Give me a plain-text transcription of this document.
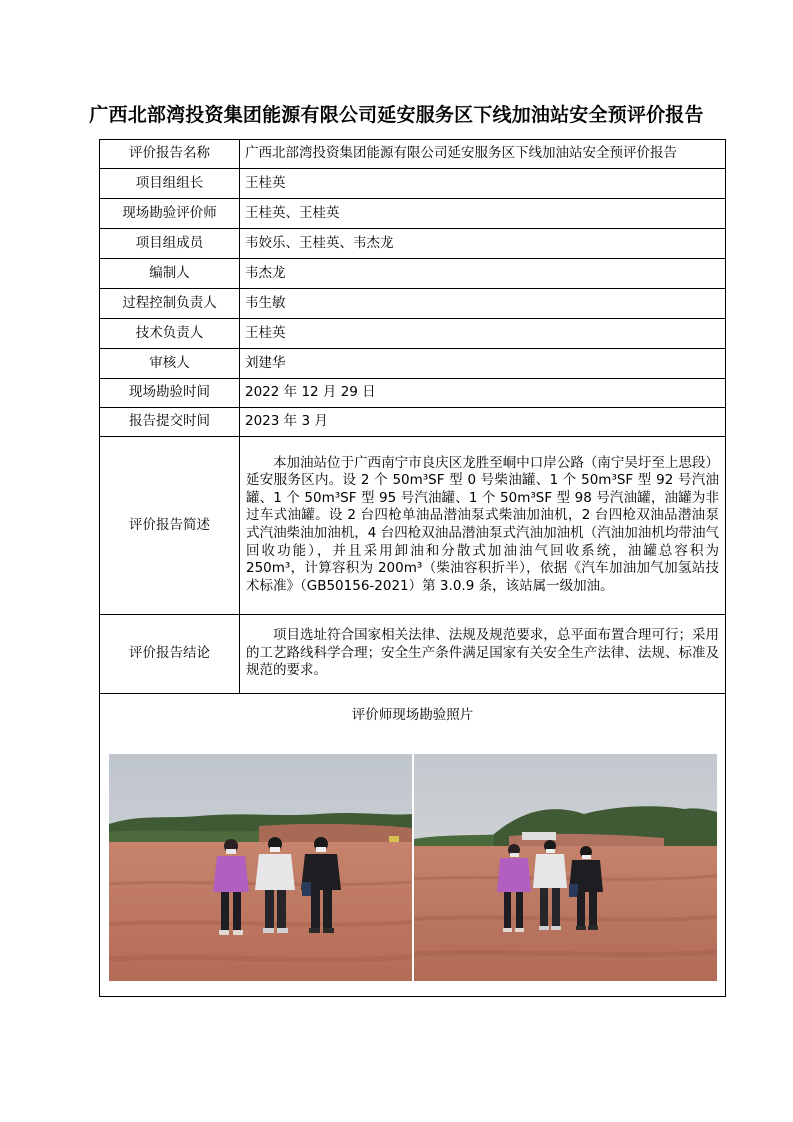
广西北部湾投资集团能源有限公司延安服务区下线加油站安全预评价报告
评价报告名称	广西北部湾投资集团能源有限公司延安服务区下线加油站安全预评价报告
项目组组长	王桂英
现场勘验评价师	王桂英、王桂英
项目组成员	韦姣乐、王桂英、韦杰龙
编制人	韦杰龙
过程控制负责人	韦生敏
技术负责人	王桂英
审核人	刘建华
现场勘验时间	2022 年 12 月 29 日
报告提交时间	2023 年 3 月
评价报告简述	本加油站位于广西南宁市良庆区龙胜至峒中口岸公路（南宁吴圩至上思段）延安服务区内。设 2 个 50m³SF 型 0 号柴油罐、1 个 50m³SF 型 92 号汽油罐、1 个 50m³SF 型 95 号汽油罐、1 个 50m³SF 型 98 号汽油罐，油罐为非过车式油罐。设 2 台四枪单油品潜油泵式柴油加油机，2 台四枪双油品潜油泵式汽油柴油加油机，4 台四枪双油品潜油泵式汽油加油机（汽油加油机均带油气回收功能），并且采用卸油和分散式加油油气回收系统，油罐总容积为 250m³，计算容积为 200m³（柴油容积折半），依据《汽车加油加气加氢站技术标准》（GB50156-2021）第 3.0.9 条，该站属一级加油。
评价报告结论	项目选址符合国家相关法律、法规及规范要求，总平面布置合理可行；采用的工艺路线科学合理；安全生产条件满足国家有关安全生产法律、法规、标准及规范的要求。

评价师现场勘验照片	
